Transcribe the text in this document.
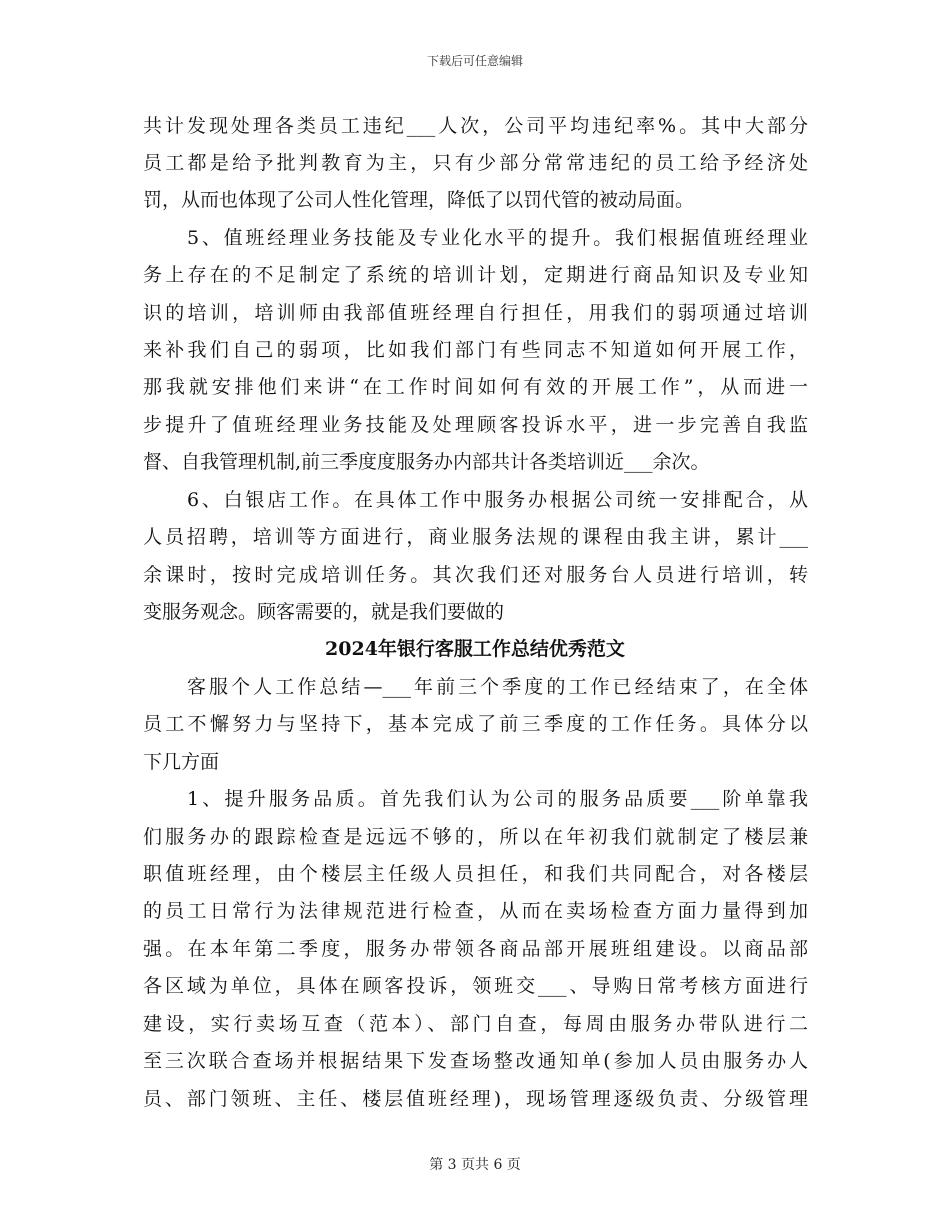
下载后可任意编辑
共计发现处理各类员工违纪___人次，公司平均违纪率%。其中大部分
员工都是给予批判教育为主，只有少部分常常违纪的员工给予经济处
罚，从而也体现了公司人性化管理，降低了以罚代管的被动局面。
5、值班经理业务技能及专业化水平的提升。我们根据值班经理业
务上存在的不足制定了系统的培训计划，定期进行商品知识及专业知
识的培训，培训师由我部值班经理自行担任，用我们的弱项通过培训
来补我们自己的弱项，比如我们部门有些同志不知道如何开展工作，
那我就安排他们来讲“在工作时间如何有效的开展工作”，从而进一
步提升了值班经理业务技能及处理顾客投诉水平，进一步完善自我监
督、自我管理机制,前三季度度服务办内部共计各类培训近___余次。
6、白银店工作。在具体工作中服务办根据公司统一安排配合，从
人员招聘，培训等方面进行，商业服务法规的课程由我主讲，累计___
余课时，按时完成培训任务。其次我们还对服务台人员进行培训，转
变服务观念。顾客需要的，就是我们要做的
2024年银行客服工作总结优秀范文
客服个人工作总结—___年前三个季度的工作已经结束了，在全体
员工不懈努力与坚持下，基本完成了前三季度的工作任务。具体分以
下几方面
1、提升服务品质。首先我们认为公司的服务品质要___阶单靠我
们服务办的跟踪检查是远远不够的，所以在年初我们就制定了楼层兼
职值班经理，由个楼层主任级人员担任，和我们共同配合，对各楼层
的员工日常行为法律规范进行检查，从而在卖场检查方面力量得到加
强。在本年第二季度，服务办带领各商品部开展班组建设。以商品部
各区域为单位，具体在顾客投诉，领班交___、导购日常考核方面进行
建设，实行卖场互查（范本）、部门自查，每周由服务办带队进行二
至三次联合查场并根据结果下发查场整改通知单(参加人员由服务办人
员、部门领班、主任、楼层值班经理)，现场管理逐级负责、分级管理
第 3 页共 6 页
